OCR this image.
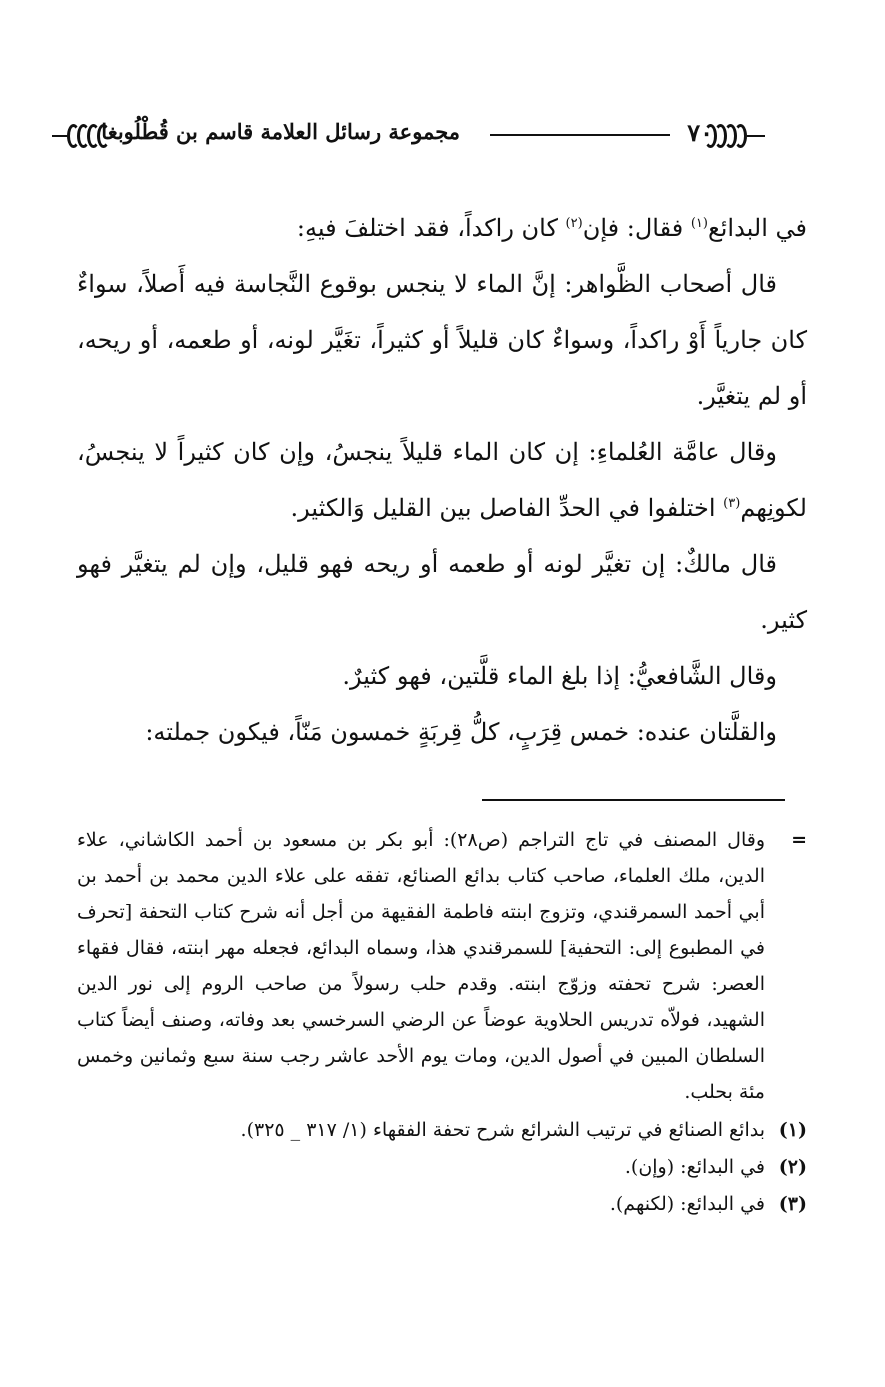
٧٠
مجموعة رسائل العلامة قاسم بن قُطْلُوبغا

في البدائع$^{(١)}$ فقال: فإن$^{(٢)}$ كان راكداً، فقد اختلفَ فيهِ:

قال أصحاب الظَّواهر: إنَّ الماء لا ينجس بوقوع النَّجاسة فيه أَصلاً، سواءٌ كان جارياً أَوْ راكداً، وسواءٌ كان قليلاً أو كثيراً، تغَيَّر لونه، أو طعمه، أو ريحه، أو لم يتغيَّر.

وقال عامَّة العُلماءِ: إن كان الماء قليلاً ينجسُ، وإن كان كثيراً لا ينجسُ، لكونِهم$^{(٣)}$ اختلفوا في الحدِّ الفاصل بين القليل وَالكثير.

قال مالكٌ: إن تغيَّر لونه أو طعمه أو ريحه فهو قليل، وإن لم يتغيَّر فهو كثير.

وقال الشَّافعيُّ: إذا بلغ الماء قلَّتين، فهو كثيرٌ.

والقلَّتان عنده: خمس قِرَبٍ، كلُّ قِربَةٍ خمسون مَنّاً، فيكون جملته:

=
وقال المصنف في تاج التراجم (ص٢٨): أبو بكر بن مسعود بن أحمد الكاشاني، علاء الدين، ملك العلماء، صاحب كتاب بدائع الصنائع، تفقه على علاء الدين محمد بن أحمد بن أبي أحمد السمرقندي، وتزوج ابنته فاطمة الفقيهة من أجل أنه شرح كتاب التحفة [تحرف في المطبوع إلى: التحفية] للسمرقندي هذا، وسماه البدائع، فجعله مهر ابنته، فقال فقهاء العصر: شرح تحفته وزوّج ابنته. وقدم حلب رسولاً من صاحب الروم إلى نور الدين الشهيد، فولاّه تدريس الحلاوية عوضاً عن الرضي السرخسي بعد وفاته، وصنف أيضاً كتاب السلطان المبين في أصول الدين، ومات يوم الأحد عاشر رجب سنة سبع وثمانين وخمس مئة بحلب.
(١)
بدائع الصنائع في ترتيب الشرائع شرح تحفة الفقهاء (١/ ٣١٧ _ ٣٢٥).
(٢)
في البدائع: (وإن).
(٣)
في البدائع: (لكنهم).
